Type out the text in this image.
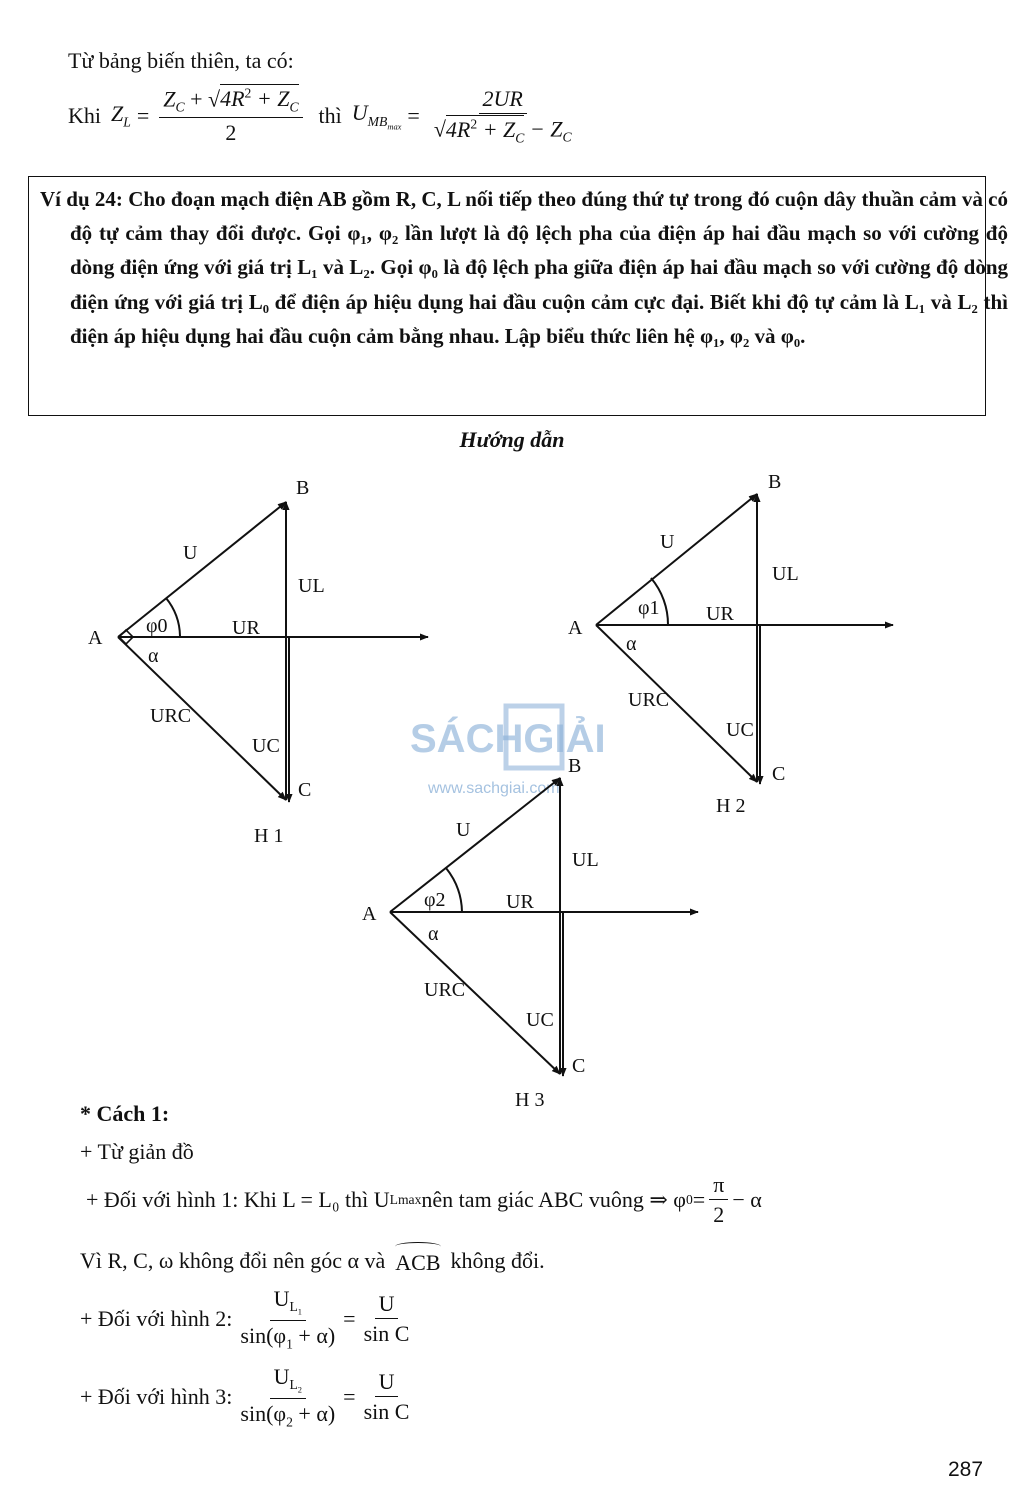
Từ bảng biến thiên, ta có:
Khi $Z_L = \frac{Z_C + √4R^2 + Z_C}{2}$ thì $U_{MB_{max}} = \frac{2UR}{√4R^2 + Z_C - Z_C}$
Ví dụ 24: Cho đoạn mạch điện AB gồm R, C, L nối tiếp theo đúng thứ tự trong đó cuộn dây thuần cảm và có độ tự cảm thay đổi được. Gọi φ₁, φ₂ lần lượt là độ lệch pha của điện áp hai đầu mạch so với cường độ dòng điện ứng với giá trị L₁ và L₂. Gọi φ₀ là độ lệch pha giữa điện áp hai đầu mạch so với cường độ dòng điện ứng với giá trị L₀ để điện áp hiệu dụng hai đầu cuộn cảm cực đại. Biết khi độ tự cảm là L₁ và L₂ thì điện áp hiệu dụng hai đầu cuộn cảm bằng nhau. Lập biểu thức liên hệ φ₁, φ₂ và φ₀.
Hướng dẫn
SÁCHGIẢI
www.sachgiai.com
A
B
C
U
UL
UR
URC
UC
φ0
α
H 1
A
B
C
U
UL
UR
URC
UC
φ1
α
H 2
A
B
C
U
UL
UR
URC
UC
φ2
α
H 3
* Cách 1:
+ Từ giản đồ
+ Đối với hình 1: Khi L = L₀ thì U Lmax nên tam giác ABC vuông ⇒ φ $0 = \frac{\pi}{2} - \alpha$
Vì R, C, ω không đổi nên góc α và ACB không đổi.
+ Đối với hình 2: $\frac{U_{L_1}}{\sin(\varphi_1 + \alpha)} = \frac{U}{\text{sin C}}$
+ Đối với hình 3: $\frac{U_{L_2}}{\sin(\varphi_2 + \alpha)} = \frac{U}{\text{sin C}}$
287
